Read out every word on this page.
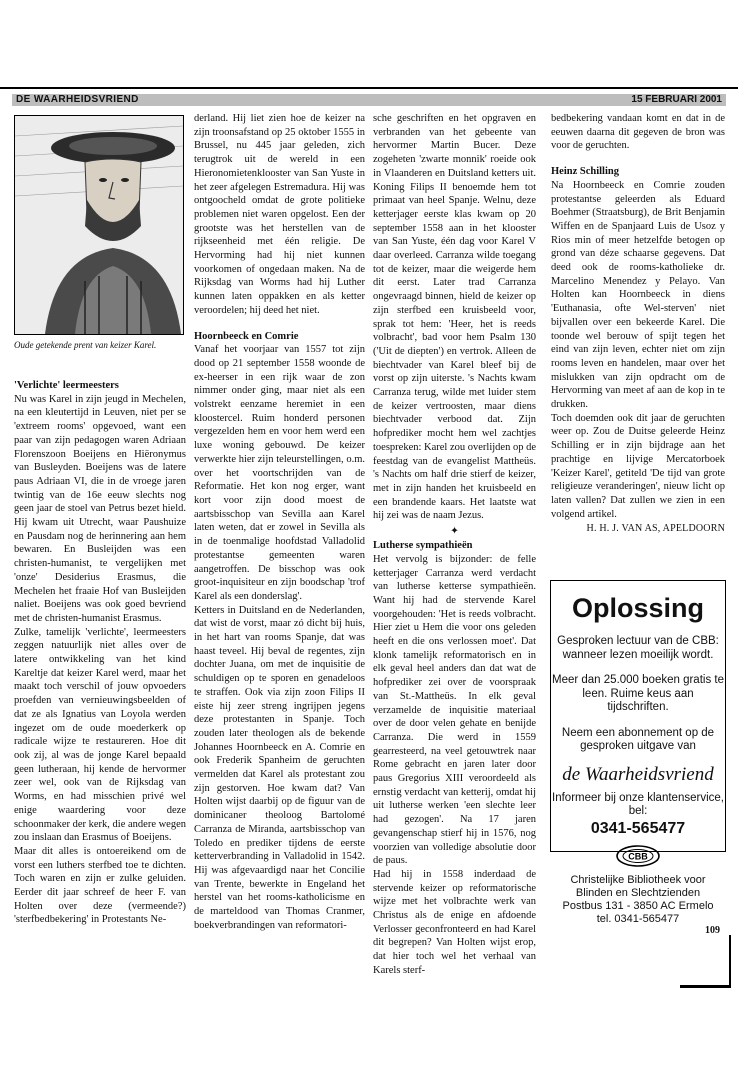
DE WAARHEIDSVRIEND	15 FEBRUARI 2001
Oude getekende prent van keizer Karel.
'Verlichte' leermeesters

Nu was Karel in zijn jeugd in Mechelen, na een kleutertijd in Leuven, niet per se 'extreem rooms' opgevoed, want een paar van zijn pedagogen waren Adriaan Florenszoon Boeijens en Hiëronymus van Busleyden. Boeijens was de latere paus Adriaan VI, die in de vroege jaren twintig van de 16e eeuw slechts nog geen jaar de stoel van Petrus bezet hield. Hij kwam uit Utrecht, waar Paushuize en Pausdam nog de herinnering aan hem bewaren. En Busleijden was een christen-humanist, te vergelijken met 'onze' Desiderius Erasmus, die Mechelen het fraaie Hof van Busleijden naliet. Boeijens was ook goed bevriend met de christen-humanist Erasmus.

Zulke, tamelijk 'verlichte', leermeesters zeggen natuurlijk niet alles over de latere ontwikkeling van het kind Kareltje dat keizer Karel werd, maar het maakt toch verschil of jouw opvoeders proefden van vernieuwingsbeelden of dat ze als Ignatius van Loyola werden ingezet om de oude moederkerk op radicale wijze te restaureren. Hoe dit ook zij, al was de jonge Karel bepaald geen lutheraan, hij kende de hervormer zeer wel, ook van de Rijksdag van Worms, en had misschien privé wel enige waardering voor deze schoonmaker der kerk, die andere wegen zou inslaan dan Erasmus of Boeijens.

Maar dit alles is ontoereikend om de vorst een luthers sterfbed toe te dichten. Toch waren en zijn er zulke geluiden. Eerder dit jaar schreef de heer F. van Holten over deze (vermeende?) 'sterfbedbekering' in Protestants Ne-

derland. Hij liet zien hoe de keizer na zijn troonsafstand op 25 oktober 1555 in Brussel, nu 445 jaar geleden, zich terugtrok uit de wereld in een Hieronomietenklooster van San Yuste in het zeer afgelegen Estremadura. Hij was ontgoocheld omdat de grote politieke problemen niet waren opgelost. Een der grootste was het herstellen van de rijkseenheid met één religie. De Hervorming had hij niet kunnen voorkomen of ongedaan maken. Na de Rijksdag van Worms had hij Luther kunnen laten oppakken en als ketter veroordelen; hij deed het niet.

Hoornbeeck en Comrie

Vanaf het voorjaar van 1557 tot zijn dood op 21 september 1558 woonde de ex-heerser in een rijk waar de zon nimmer onder ging, maar niet als een volstrekt eenzame heremiet in een kloostercel. Ruim honderd personen vergezelden hem en voor hem werd een luxe woning gebouwd. De keizer verwerkte hier zijn teleurstellingen, o.m. over het voortschrijden van de Reformatie. Het kon nog erger, want kort voor zijn dood moest de aartsbisschop van Sevilla aan Karel laten weten, dat er zowel in Sevilla als in de toenmalige hoofdstad Valladolid protestantse gemeenten waren aangetroffen. De bisschop was ook groot-inquisiteur en zijn boodschap 'trof Karel als een donderslag'.

Ketters in Duitsland en de Nederlanden, dat wist de vorst, maar zó dicht bij huis, in het hart van rooms Spanje, dat was haast teveel. Hij beval de regentes, zijn dochter Juana, om met de inquisitie de schuldigen op te sporen en genadeloos te straffen. Ook via zijn zoon Filips II eiste hij zeer streng ingrijpen jegens deze protestanten in Spanje. Toch zouden later theologen als de bekende Johannes Hoornbeeck en A. Comrie en ook Frederik Spanheim de geruchten vermelden dat Karel als protestant zou zijn gestorven. Hoe kwam dat? Van Holten wijst daarbij op de figuur van de dominicaner theoloog Bartolomé Carranza de Miranda, aartsbisschop van Toledo en prediker tijdens de eerste ketterverbranding in Valladolid in 1542. Hij was afgevaardigd naar het Concilie van Trente, bewerkte in Engeland het herstel van het rooms-katholicisme en de marteldood van Thomas Cranmer, boekverbrandingen van reformatori-

sche geschriften en het opgraven en verbranden van het gebeente van hervormer Martin Bucer. Deze zogeheten 'zwarte monnik' roeide ook in Vlaanderen en Duitsland ketters uit. Koning Filips II benoemde hem tot primaat van heel Spanje. Welnu, deze ketterjager eerste klas kwam op 20 september 1558 aan in het klooster van San Yuste, één dag voor Karel V daar overleed. Carranza wilde toegang tot de keizer, maar die weigerde hem dit eerst. Later trad Carranza ongevraagd binnen, hield de keizer op zijn sterfbed een kruisbeeld voor, sprak tot hem: 'Heer, het is reeds volbracht', bad voor hem Psalm 130 ('Uit de diepten') en vertrok. Alleen de biechtvader van Karel bleef bij de vorst op zijn uiterste. 's Nachts kwam Carranza terug, wilde met luider stem de keizer vertroosten, maar diens biechtvader verbood dat. Zijn hofprediker mocht hem wel zachtjes toespreken: Karel zou overlijden op de feestdag van de evangelist Mattheüs. 's Nachts om half drie stierf de keizer, met in zijn handen het kruisbeeld en een brandende kaars. Het laatste wat hij zei was de naam Jezus.

✦
Lutherse sympathieën

Het vervolg is bijzonder: de felle ketterjager Carranza werd verdacht van lutherse ketterse sympathieën. Want hij had de stervende Karel voorgehouden: 'Het is reeds volbracht. Hier ziet u Hem die voor ons geleden heeft en die ons verlossen moet'. Dat klonk tamelijk reformatorisch en in elk geval heel anders dan dat wat de hofprediker zei over de voorspraak van St.-Mattheüs. In elk geval verzamelde de inquisitie materiaal over de door velen gehate en benijde Carranza. Die werd in 1559 gearresteerd, na veel getouwtrek naar Rome gebracht en jaren later door paus Gregorius XIII veroordeeld als ernstig verdacht van ketterij, omdat hij uit lutherse werken 'een slechte leer had gezogen'. Na 17 jaren gevangenschap stierf hij in 1576, nog voorzien van volledige absolutie door de paus.

Had hij in 1558 inderdaad de stervende keizer op reformatorische wijze met het volbrachte werk van Christus als de enige en afdoende Verlosser geconfronteerd en had Karel dit begrepen? Van Holten wijst erop, dat hier toch wel het verhaal van Karels sterf-

bedbekering vandaan komt en dat in de eeuwen daarna dit gegeven de bron was voor de geruchten.

Heinz Schilling

Na Hoornbeeck en Comrie zouden protestantse geleerden als Eduard Boehmer (Straatsburg), de Brit Benjamin Wiffen en de Spanjaard Luis de Usoz y Rios min of meer hetzelfde betogen op grond van déze schaarse gegevens. Dat deed ook de rooms-katholieke dr. Marcelino Menendez y Pelayo. Van Holten kan Hoornbeeck in diens 'Euthanasia, ofte Wel-sterven' niet bijvallen over een bekeerde Karel. Die toonde wel berouw of spijt tegen het eind van zijn leven, echter niet om zijn rooms leven en handelen, maar over het mislukken van zijn opdracht om de Hervorming van meet af aan de kop in te drukken.

Toch doemden ook dit jaar de geruchten weer op. Zou de Duitse geleerde Heinz Schilling er in zijn bijdrage aan het prachtige en lijvige Mercatorboek 'Keizer Karel', getiteld 'De tijd van grote religieuze veranderingen', nieuw licht op laten vallen? Dat zullen we zien in een volgend artikel.

H. H. J. VAN AS, APELDOORN
Oplossing
Gesproken lectuur van de CBB: wanneer lezen moeilijk wordt.
Meer dan 25.000 boeken gratis te leen. Ruime keus aan tijdschriften.
Neem een abonnement op de gesproken uitgave van
de Waarheidsvriend
Informeer bij onze klantenservice, bel:
0341-565477
CBB
Christelijke Bibliotheek voor Blinden en Slechtzienden
Postbus 131 - 3850 AC Ermelo
tel. 0341-565477
109
